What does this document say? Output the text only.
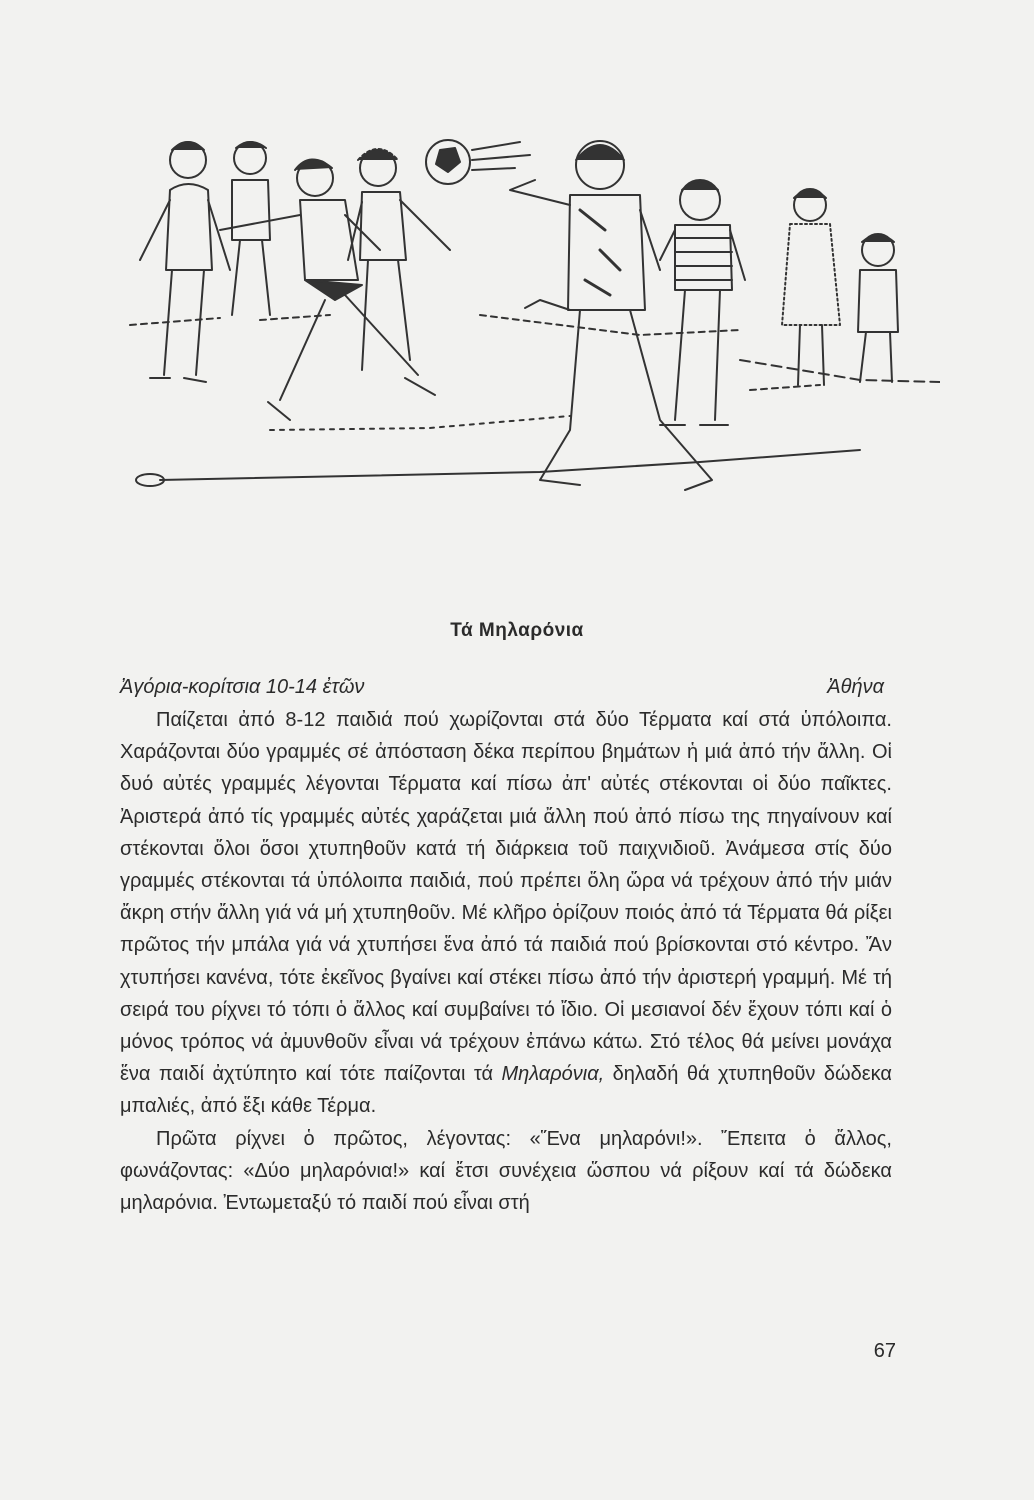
Τά Μηλαρόνια
Ἀγόρια-κορίτσια 10-14 ἐτῶν	Ἀθήνα

Παίζεται ἀπό 8-12 παιδιά πού χωρίζονται στά δύο Τέρματα καί στά ὑπόλοιπα. Χαράζονται δύο γραμμές σέ ἀπόσταση δέκα περίπου βημάτων ἡ μιά ἀπό τήν ἄλλη. Οἱ δυό αὐτές γραμμές λέγονται Τέρματα καί πίσω ἀπ' αὐτές στέκονται οἱ δύο παῖκτες. Ἀριστερά ἀπό τίς γραμμές αὐτές χαράζεται μιά ἄλλη πού ἀπό πίσω της πηγαίνουν καί στέκονται ὅλοι ὅσοι χτυπηθοῦν κατά τή διάρκεια τοῦ παιχνιδιοῦ. Ἀνάμεσα στίς δύο γραμμές στέκονται τά ὑπόλοιπα παιδιά, πού πρέπει ὅλη ὥρα νά τρέχουν ἀπό τήν μιάν ἄκρη στήν ἄλλη γιά νά μή χτυπηθοῦν. Μέ κλῆρο ὁρίζουν ποιός ἀπό τά Τέρματα θά ρίξει πρῶτος τήν μπάλα γιά νά χτυπήσει ἕνα ἀπό τά παιδιά πού βρίσκονται στό κέντρο. Ἄν χτυπήσει κανένα, τότε ἐκεῖνος βγαίνει καί στέκει πίσω ἀπό τήν ἀριστερή γραμμή. Μέ τή σειρά του ρίχνει τό τόπι ὁ ἄλλος καί συμβαίνει τό ἴδιο. Οἱ μεσιανοί δέν ἔχουν τόπι καί ὁ μόνος τρόπος νά ἀμυνθοῦν εἶναι νά τρέχουν ἐπάνω κάτω. Στό τέλος θά μείνει μονάχα ἕνα παιδί ἀχτύπητο καί τότε παίζονται τά Μηλαρόνια, δηλαδή θά χτυπηθοῦν δώδεκα μπαλιές, ἀπό ἕξι κάθε Τέρμα.

Πρῶτα ρίχνει ὁ πρῶτος, λέγοντας: «Ἕνα μηλαρόνι!». Ἔπειτα ὁ ἄλλος, φωνάζοντας: «Δύο μηλαρόνια!» καί ἔτσι συνέχεια ὥσπου νά ρίξουν καί τά δώδεκα μηλαρόνια. Ἐντωμεταξύ τό παιδί πού εἶναι στή

67
